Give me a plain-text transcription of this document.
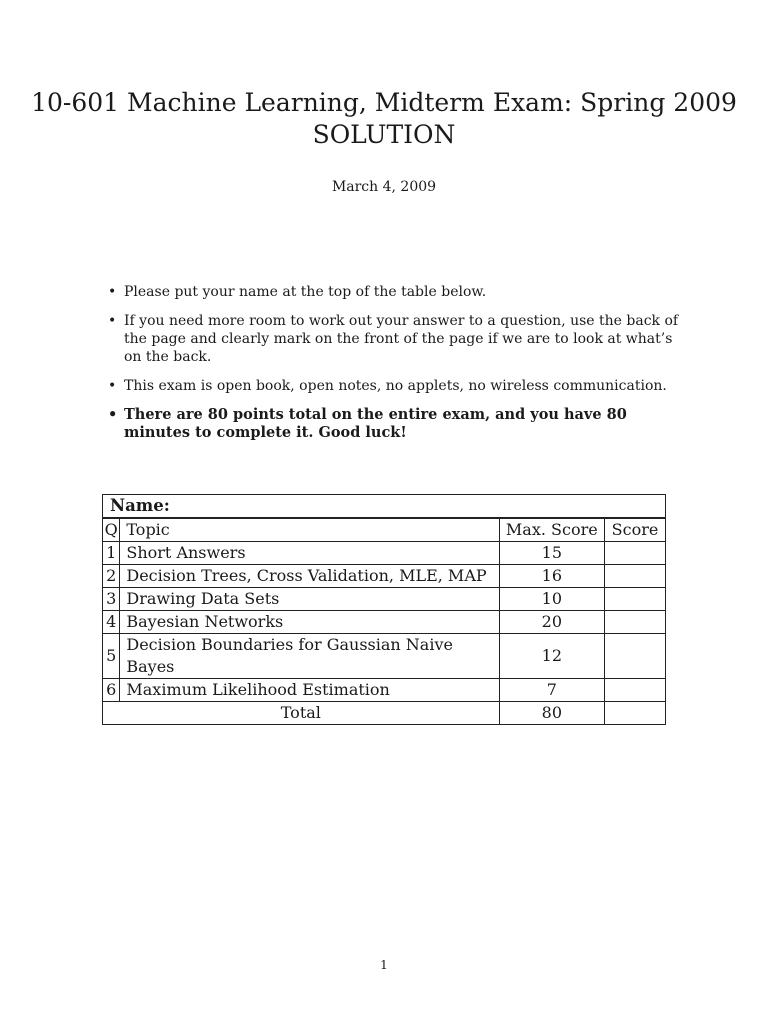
10-601 Machine Learning, Midterm Exam: Spring 2009
SOLUTION
March 4, 2009
• Please put your name at the top of the table below.
• If you need more room to work out your answer to a question, use the back of the page and clearly mark on the front of the page if we are to look at what’s on the back.
• This exam is open book, open notes, no applets, no wireless communication.
• There are 80 points total on the entire exam, and you have 80 minutes to complete it. Good luck!
Name:			
Q	Topic	Max. Score	Score
1	Short Answers	15	
2	Decision Trees, Cross Validation, MLE, MAP	16	
3	Drawing Data Sets	10	
4	Bayesian Networks	20	
5	Decision Boundaries for Gaussian Naive Bayes	12	
6	Maximum Likelihood Estimation	7	
Total		80	
1
